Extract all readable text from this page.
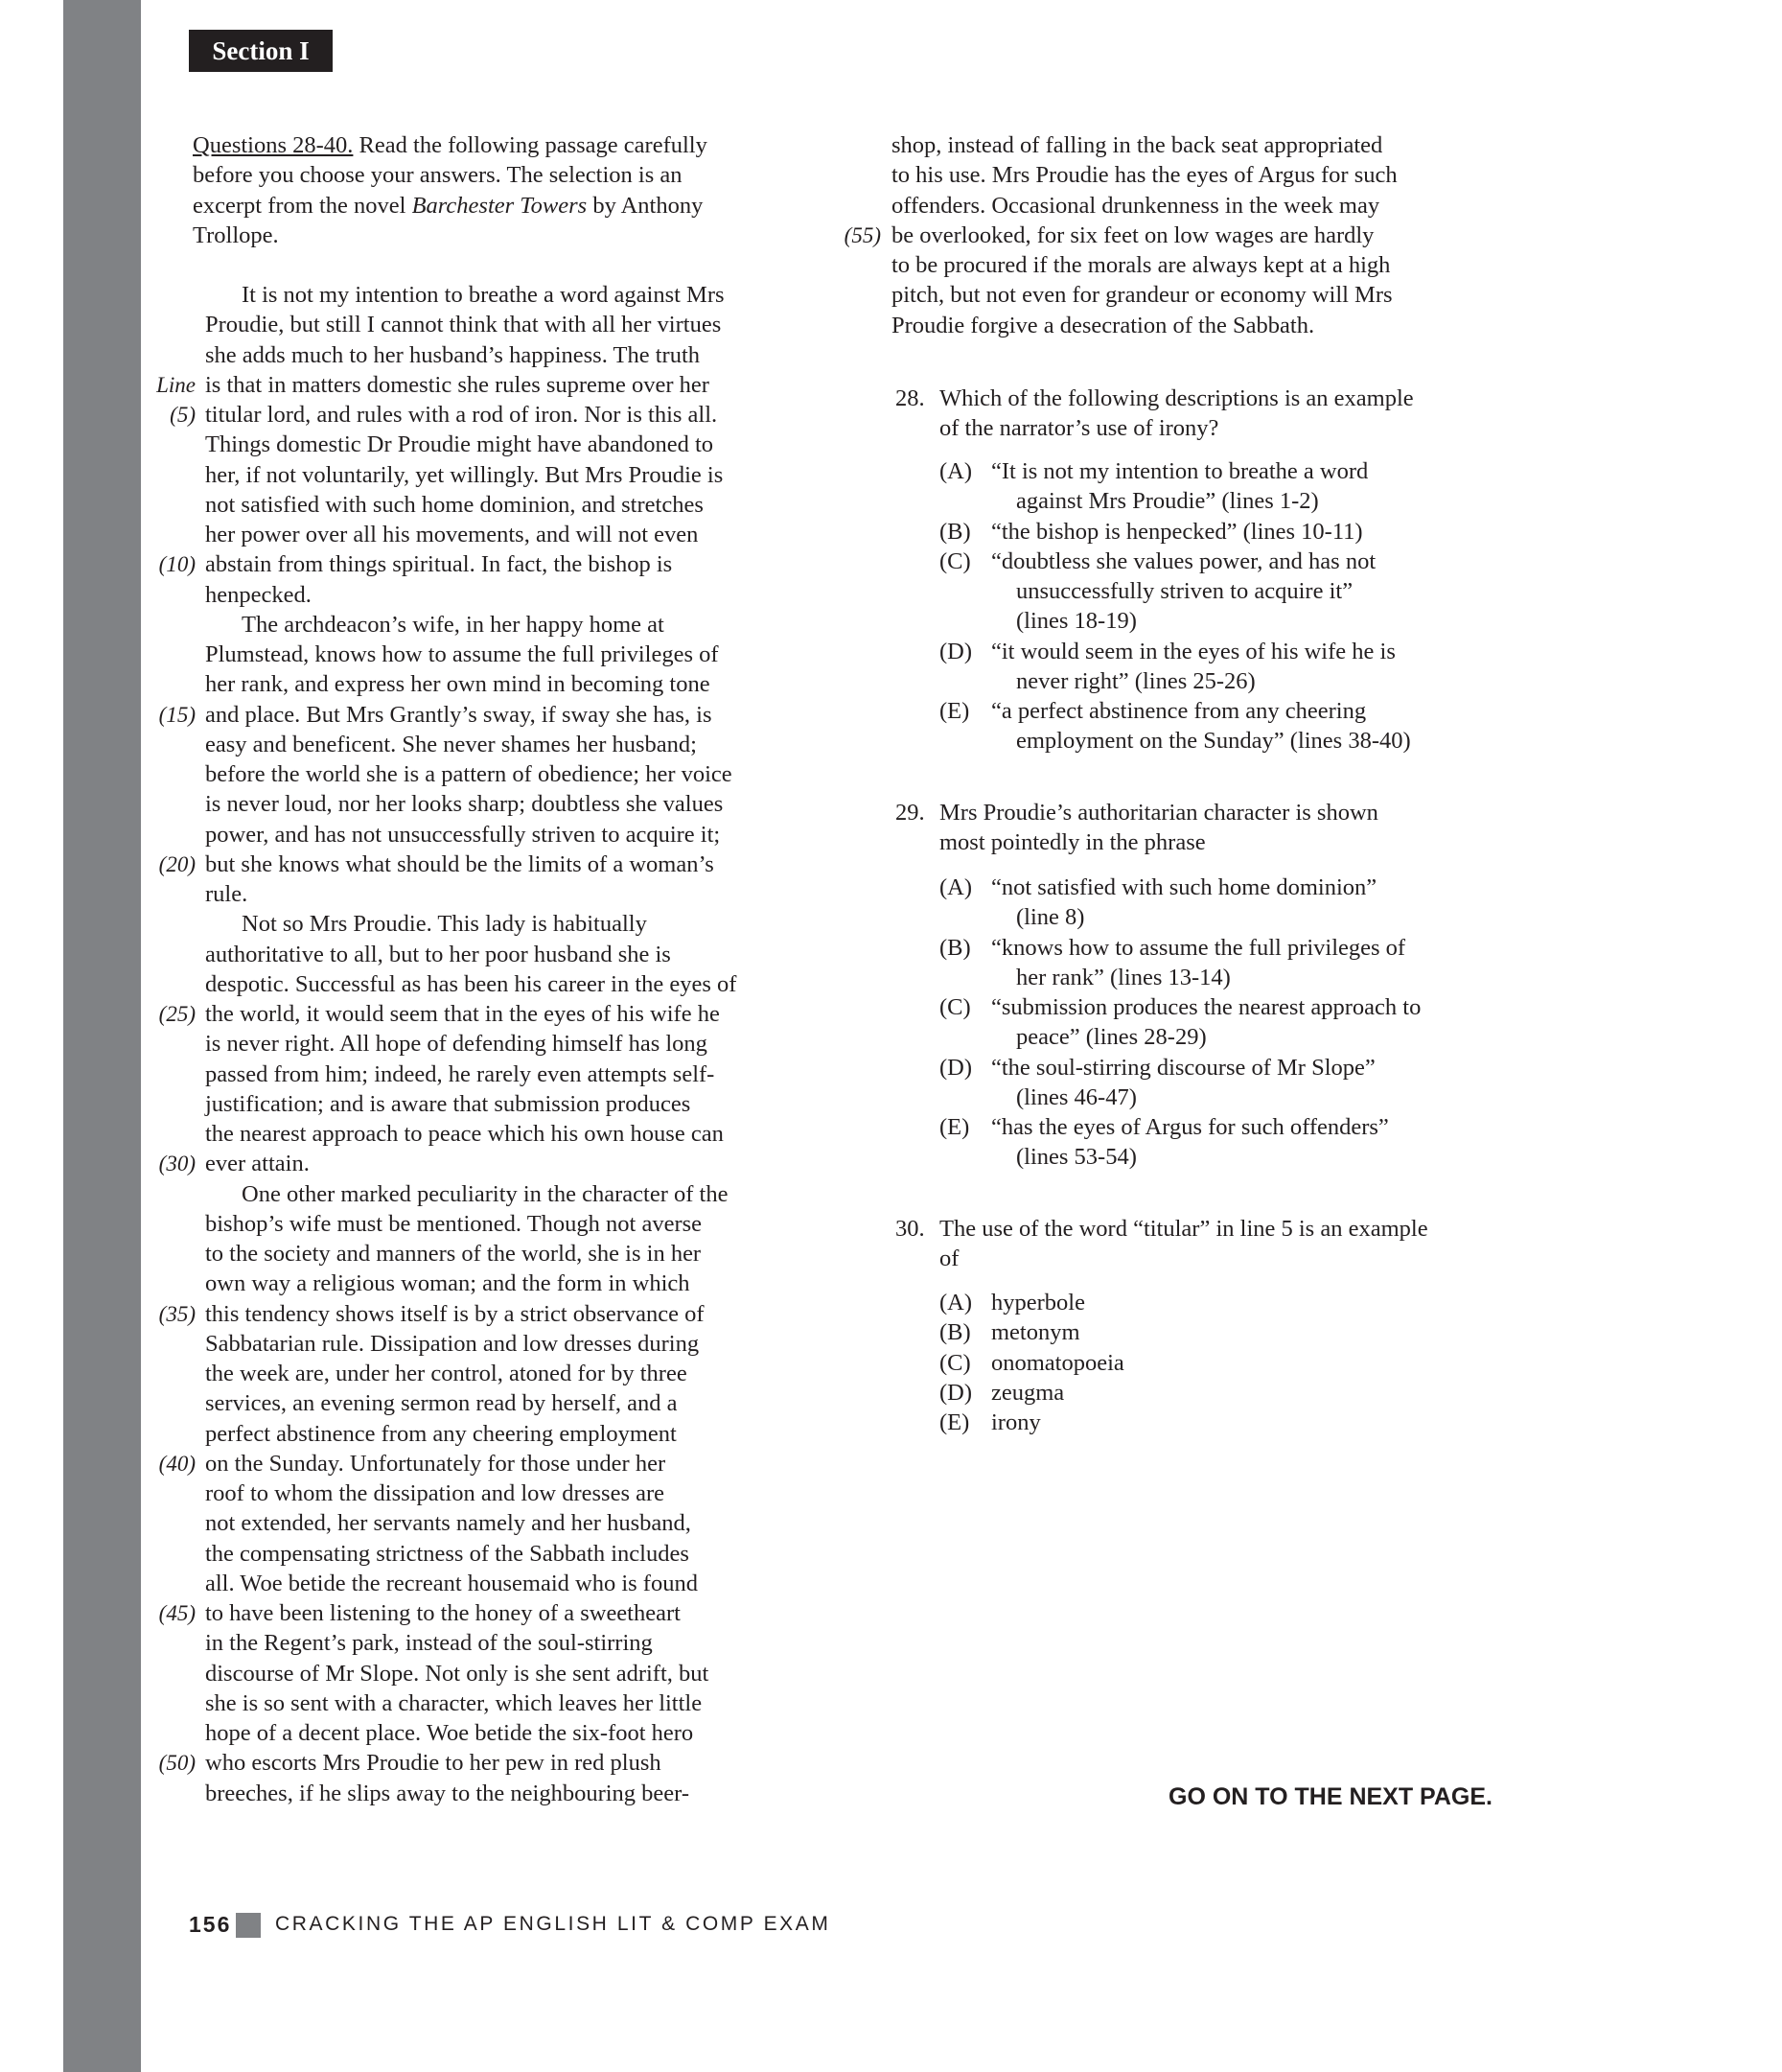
Section I
Questions 28-40. Read the following passage carefully
before you choose your answers. The selection is an
excerpt from the novel Barchester Towers by Anthony
Trollope.
It is not my intention to breathe a word against Mrs
Proudie, but still I cannot think that with all her virtues
she adds much to her husband’s happiness. The truth
is that in matters domestic she rules supreme over her
Line
titular lord, and rules with a rod of iron. Nor is this all.
(5)
Things domestic Dr Proudie might have abandoned to
her, if not voluntarily, yet willingly. But Mrs Proudie is
not satisfied with such home dominion, and stretches
her power over all his movements, and will not even
abstain from things spiritual. In fact, the bishop is
(10)
henpecked.
The archdeacon’s wife, in her happy home at
Plumstead, knows how to assume the full privileges of
her rank, and express her own mind in becoming tone
and place. But Mrs Grantly’s sway, if sway she has, is
(15)
easy and beneficent. She never shames her husband;
before the world she is a pattern of obedience; her voice
is never loud, nor her looks sharp; doubtless she values
power, and has not unsuccessfully striven to acquire it;
but she knows what should be the limits of a woman’s
(20)
rule.
Not so Mrs Proudie. This lady is habitually
authoritative to all, but to her poor husband she is
despotic. Successful as has been his career in the eyes of
the world, it would seem that in the eyes of his wife he
(25)
is never right. All hope of defending himself has long
passed from him; indeed, he rarely even attempts self-
justification; and is aware that submission produces
the nearest approach to peace which his own house can
ever attain.
(30)
One other marked peculiarity in the character of the
bishop’s wife must be mentioned. Though not averse
to the society and manners of the world, she is in her
own way a religious woman; and the form in which
this tendency shows itself is by a strict observance of
(35)
Sabbatarian rule. Dissipation and low dresses during
the week are, under her control, atoned for by three
services, an evening sermon read by herself, and a
perfect abstinence from any cheering employment
on the Sunday. Unfortunately for those under her
(40)
roof to whom the dissipation and low dresses are
not extended, her servants namely and her husband,
the compensating strictness of the Sabbath includes
all. Woe betide the recreant housemaid who is found
to have been listening to the honey of a sweetheart
(45)
in the Regent’s park, instead of the soul-stirring
discourse of Mr Slope. Not only is she sent adrift, but
she is so sent with a character, which leaves her little
hope of a decent place. Woe betide the six-foot hero
who escorts Mrs Proudie to her pew in red plush
(50)
breeches, if he slips away to the neighbouring beer-
shop, instead of falling in the back seat appropriated
to his use. Mrs Proudie has the eyes of Argus for such
offenders. Occasional drunkenness in the week may
be overlooked, for six feet on low wages are hardly
(55)
to be procured if the morals are always kept at a high
pitch, but not even for grandeur or economy will Mrs
Proudie forgive a desecration of the Sabbath.
28. Which of the following descriptions is an example
of the narrator’s use of irony?
(A) “It is not my intention to breathe a word
against Mrs Proudie” (lines 1-2)
(B) “the bishop is henpecked” (lines 10-11)
(C) “doubtless she values power, and has not
unsuccessfully striven to acquire it”
(lines 18-19)
(D) “it would seem in the eyes of his wife he is
never right” (lines 25-26)
(E) “a perfect abstinence from any cheering
employment on the Sunday” (lines 38-40)
29. Mrs Proudie’s authoritarian character is shown
most pointedly in the phrase
(A) “not satisfied with such home dominion”
(line 8)
(B) “knows how to assume the full privileges of
her rank” (lines 13-14)
(C) “submission produces the nearest approach to
peace” (lines 28-29)
(D) “the soul-stirring discourse of Mr Slope”
(lines 46-47)
(E) “has the eyes of Argus for such offenders”
(lines 53-54)
30. The use of the word “titular” in line 5 is an example
of
(A) hyperbole
(B) metonym
(C) onomatopoeia
(D) zeugma
(E) irony
GO ON TO THE NEXT PAGE.
156 CRACKING THE AP ENGLISH LIT & COMP EXAM
